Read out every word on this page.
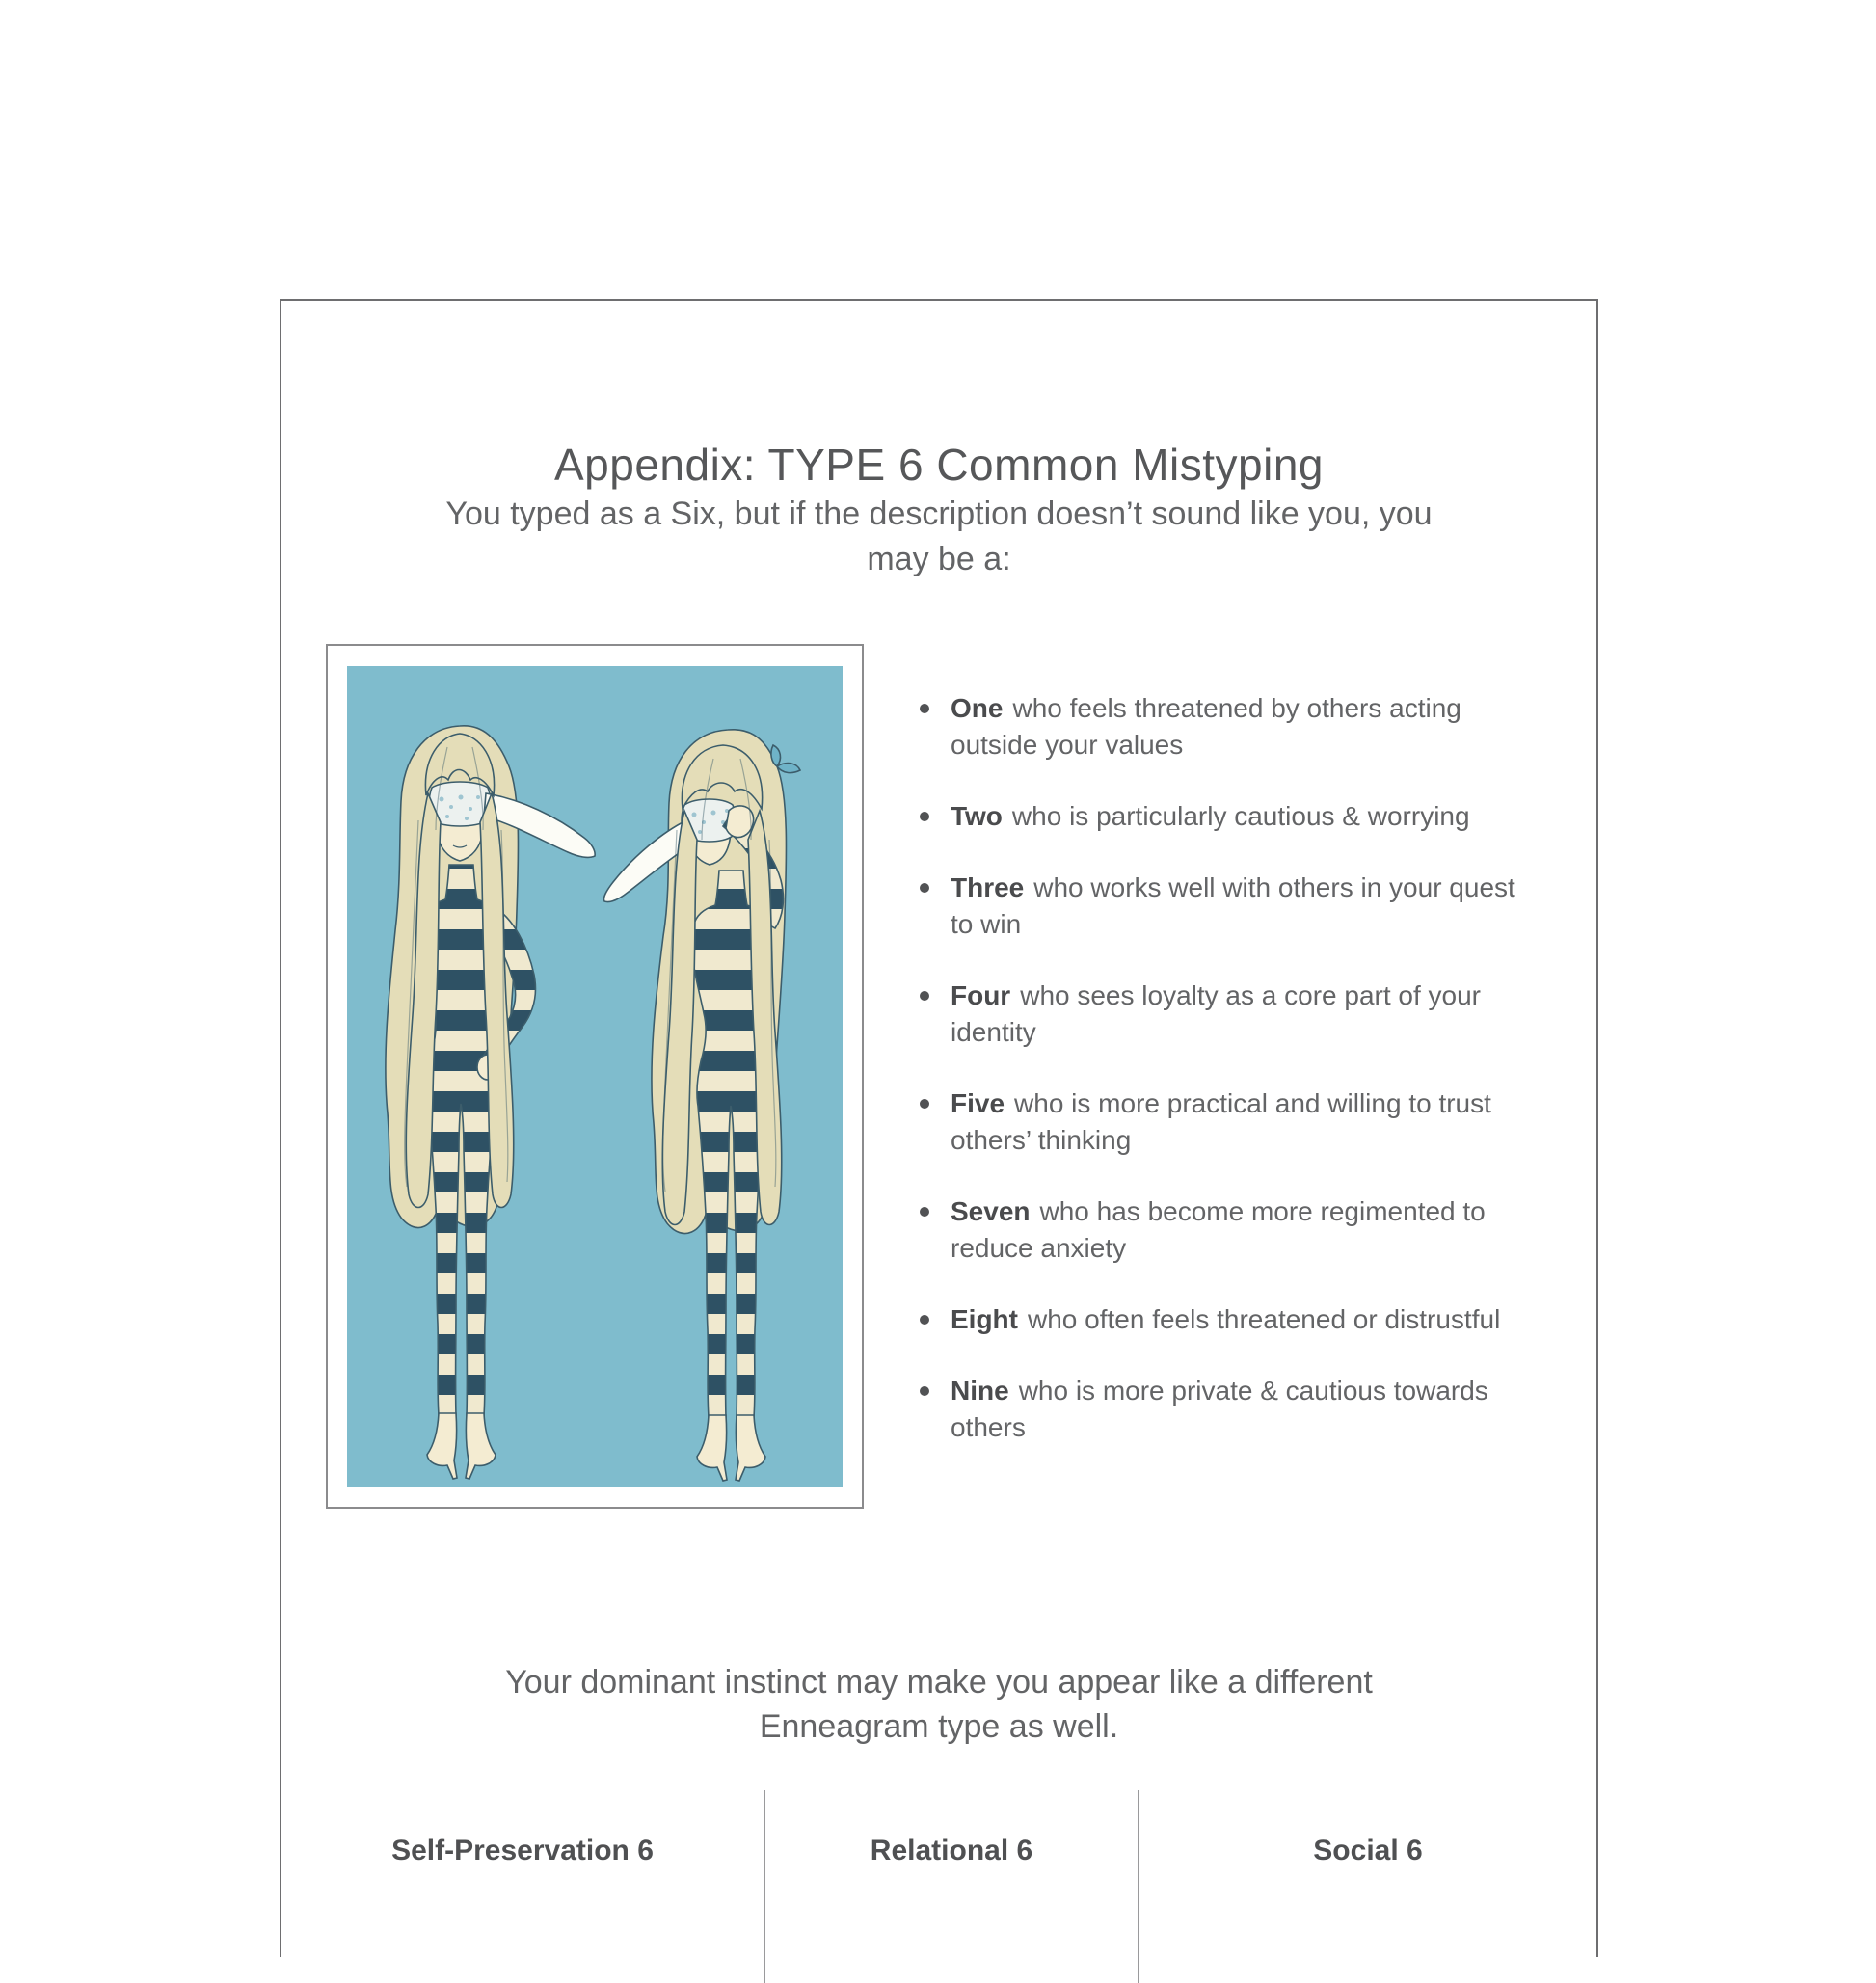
Appendix: TYPE 6 Common Mistyping
You typed as a Six, but if the description doesn’t sound like you, you
may be a:
One who feels threatened by others acting outside your values
Two who is particularly cautious & worrying
Three who works well with others in your quest to win
Four who sees loyalty as a core part of your identity
Five who is more practical and willing to trust others’ thinking
Seven who has become more regimented to reduce anxiety
Eight who often feels threatened or distrustful
Nine who is more private & cautious towards others
Your dominant instinct may make you appear like a different
Enneagram type as well.
Self-Preservation 6	Relational 6	Social 6
